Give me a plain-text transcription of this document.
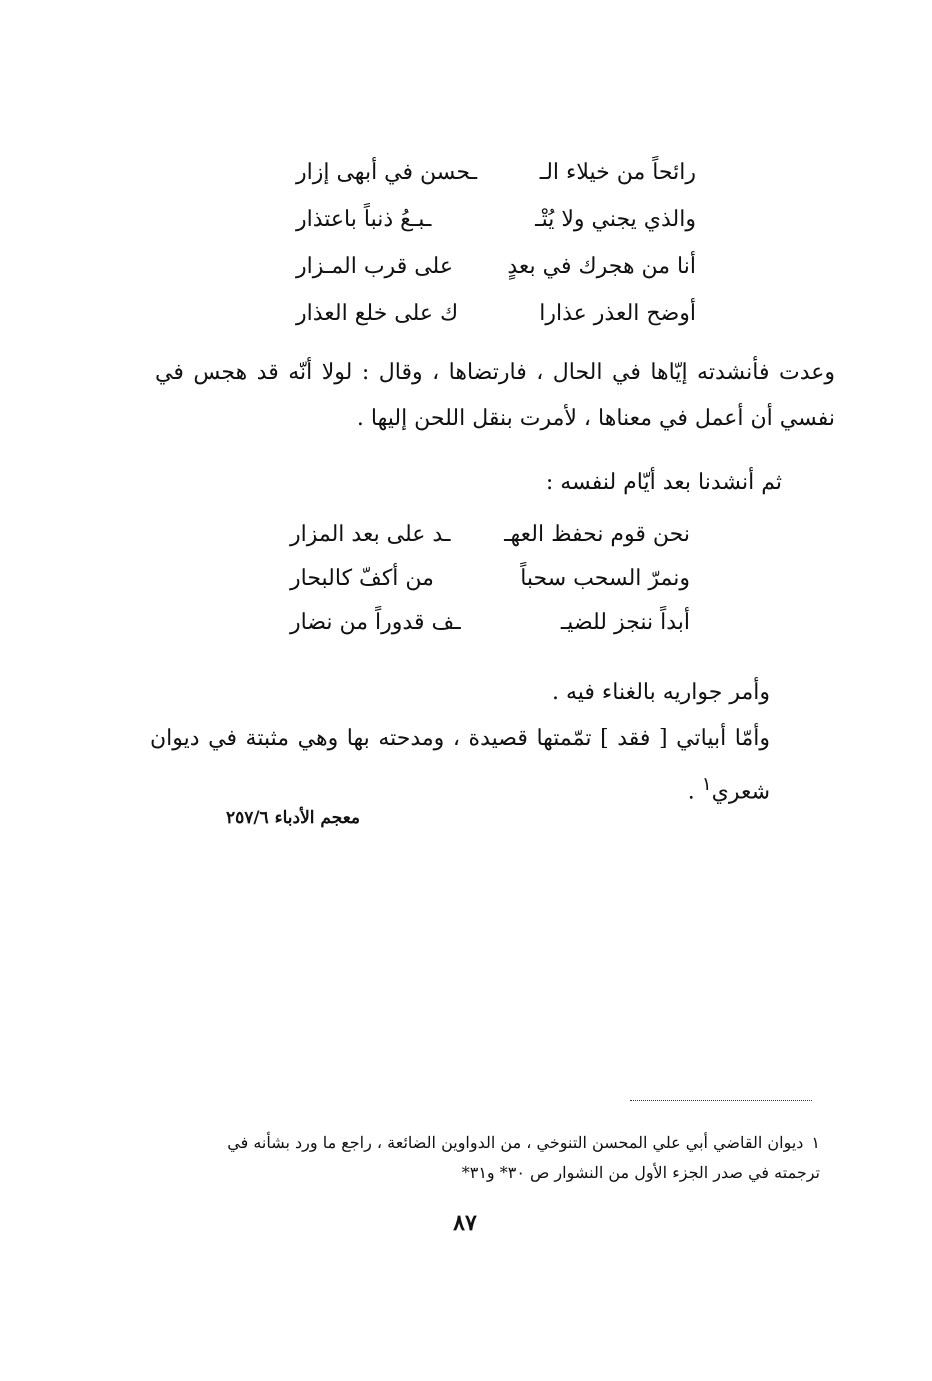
رائحاً من خيلاء الـ
ـحسن في أبهى إزار
والذي يجني ولا يُتْـ
ـبـعُ ذنباً باعتذار
أنا من هجرك في بعدٍ
على قرب المـزار
أوضح العذر عذارا
ك على خلع العذار
وعدت فأنشدته إيّاها في الحال ، فارتضاها ، وقال : لولا أنّه قد هجس في نفسي أن أعمل في معناها ، لأمرت بنقل اللحن إليها .
ثم أنشدنا بعد أيّام لنفسه :
نحن قوم نحفظ العهـ
ـد على بعد المزار
ونمرّ السحب سحباً
من أكفّ كالبحار
أبداً ننجز للضيـ
ـف قدوراً من نضار

وأمر جواريه بالغناء فيه .

وأمّا أبياتي [ فقد ] تمّمتها قصيدة ، ومدحته بها وهي مثبتة في ديوان شعري$^١$ .

معجم الأدباء ٢٥٧/٦

١ديوان القاضي أبي علي المحسن التنوخي ، من الدواوين الضائعة ، راجع ما ورد بشأنه في

ترجمته في صدر الجزء الأول من النشوار ص ٣٠* و٣١*

٨٧
